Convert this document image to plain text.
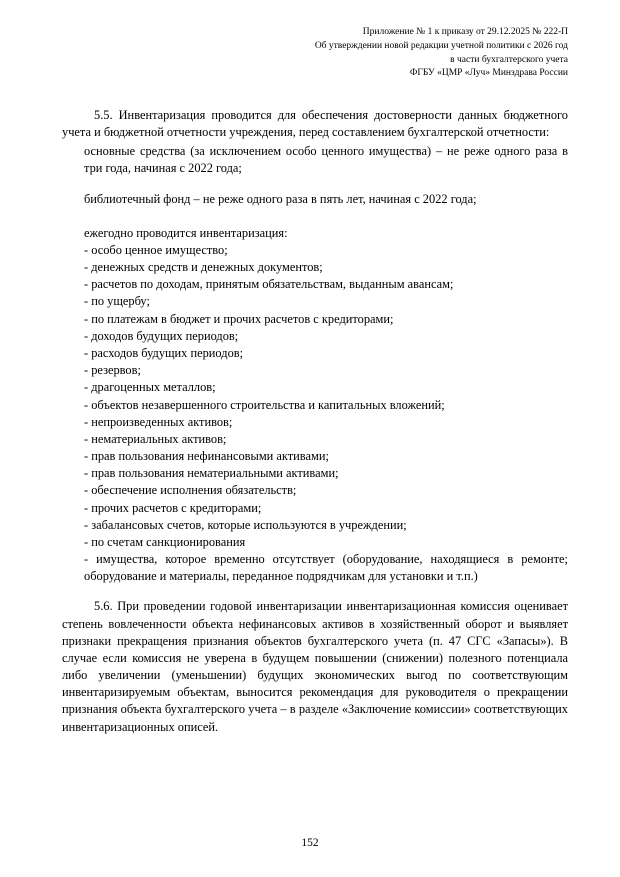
Приложение № 1 к приказу от 29.12.2025 № 222-П
Об утверждении новой редакции учетной политики с 2026 год
в части бухгалтерского учета
ФГБУ «ЦМР «Луч» Минздрава России

5.5. Инвентаризация проводится для обеспечения достоверности данных бюджетного учета и бюджетной отчетности учреждения, перед составлением бухгалтерской отчетности:

основные средства (за исключением особо ценного имущества) – не реже одного раза в три года, начиная с 2022 года;

библиотечный фонд – не реже одного раза в пять лет, начиная с 2022 года;

ежегодно проводится инвентаризация:

- особо ценное имущество;

- денежных средств и денежных документов;

- расчетов по доходам, принятым обязательствам, выданным авансам;

- по ущербу;

- по платежам в бюджет и прочих расчетов с кредиторами;

- доходов будущих периодов;

- расходов будущих периодов;

- резервов;

- драгоценных металлов;

- объектов незавершенного строительства и капитальных вложений;

- непроизведенных активов;

- нематериальных активов;

- прав пользования нефинансовыми активами;

- прав пользования нематериальными активами;

- обеспечение исполнения обязательств;

- прочих расчетов с кредиторами;

- забалансовых счетов, которые используются в учреждении;

- по счетам санкционирования

- имущества, которое временно отсутствует (оборудование, находящиеся в ремонте; оборудование и материалы, переданное подрядчикам для установки и т.п.)

5.6. При проведении годовой инвентаризации инвентаризационная комиссия оценивает степень вовлеченности объекта нефинансовых активов в хозяйственный оборот и выявляет признаки прекращения признания объектов бухгалтерского учета (п. 47 СГС «Запасы»). В случае если комиссия не уверена в будущем повышении (снижении) полезного потенциала либо увеличении (уменьшении) будущих экономических выгод по соответствующим инвентаризируемым объектам, выносится рекомендация для руководителя о прекращении признания объекта бухгалтерского учета – в разделе «Заключение комиссии» соответствующих инвентаризационных описей.

152
